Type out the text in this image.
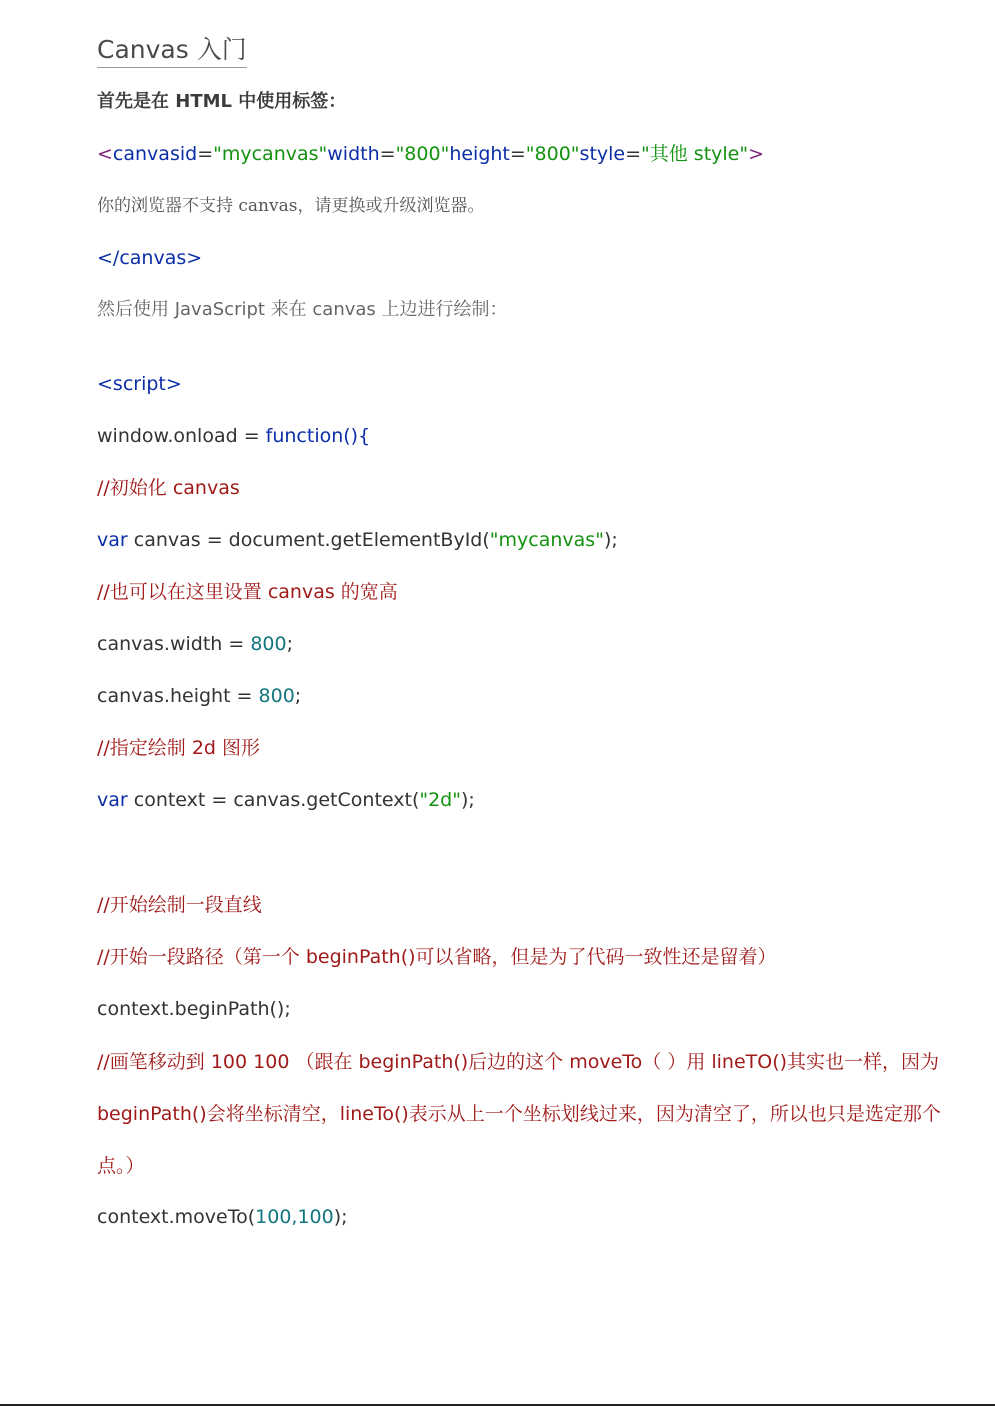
Canvas 入门
首先是在 HTML 中使用标签：
<canvasid="mycanvas"width="800"height="800"style="其他 style">
你的浏览器不支持 canvas，请更换或升级浏览器。
</canvas>
然后使用 JavaScript 来在 canvas 上边进行绘制：
<script>
window.onload = function(){
//初始化 canvas
var canvas = document.getElementById("mycanvas");
//也可以在这里设置 canvas 的宽高
canvas.width = 800;
canvas.height = 800;
//指定绘制 2d 图形
var context = canvas.getContext("2d");
//开始绘制一段直线
//开始一段路径（第一个 beginPath()可以省略，但是为了代码一致性还是留着）
context.beginPath();
//画笔移动到 100 100 （跟在 beginPath()后边的这个 moveTo（ ）用 lineTO()其实也一样，因为 beginPath()会将坐标清空，lineTo()表示从上一个坐标划线过来，因为清空了，所以也只是选定那个点。）
context.moveTo(100,100);
